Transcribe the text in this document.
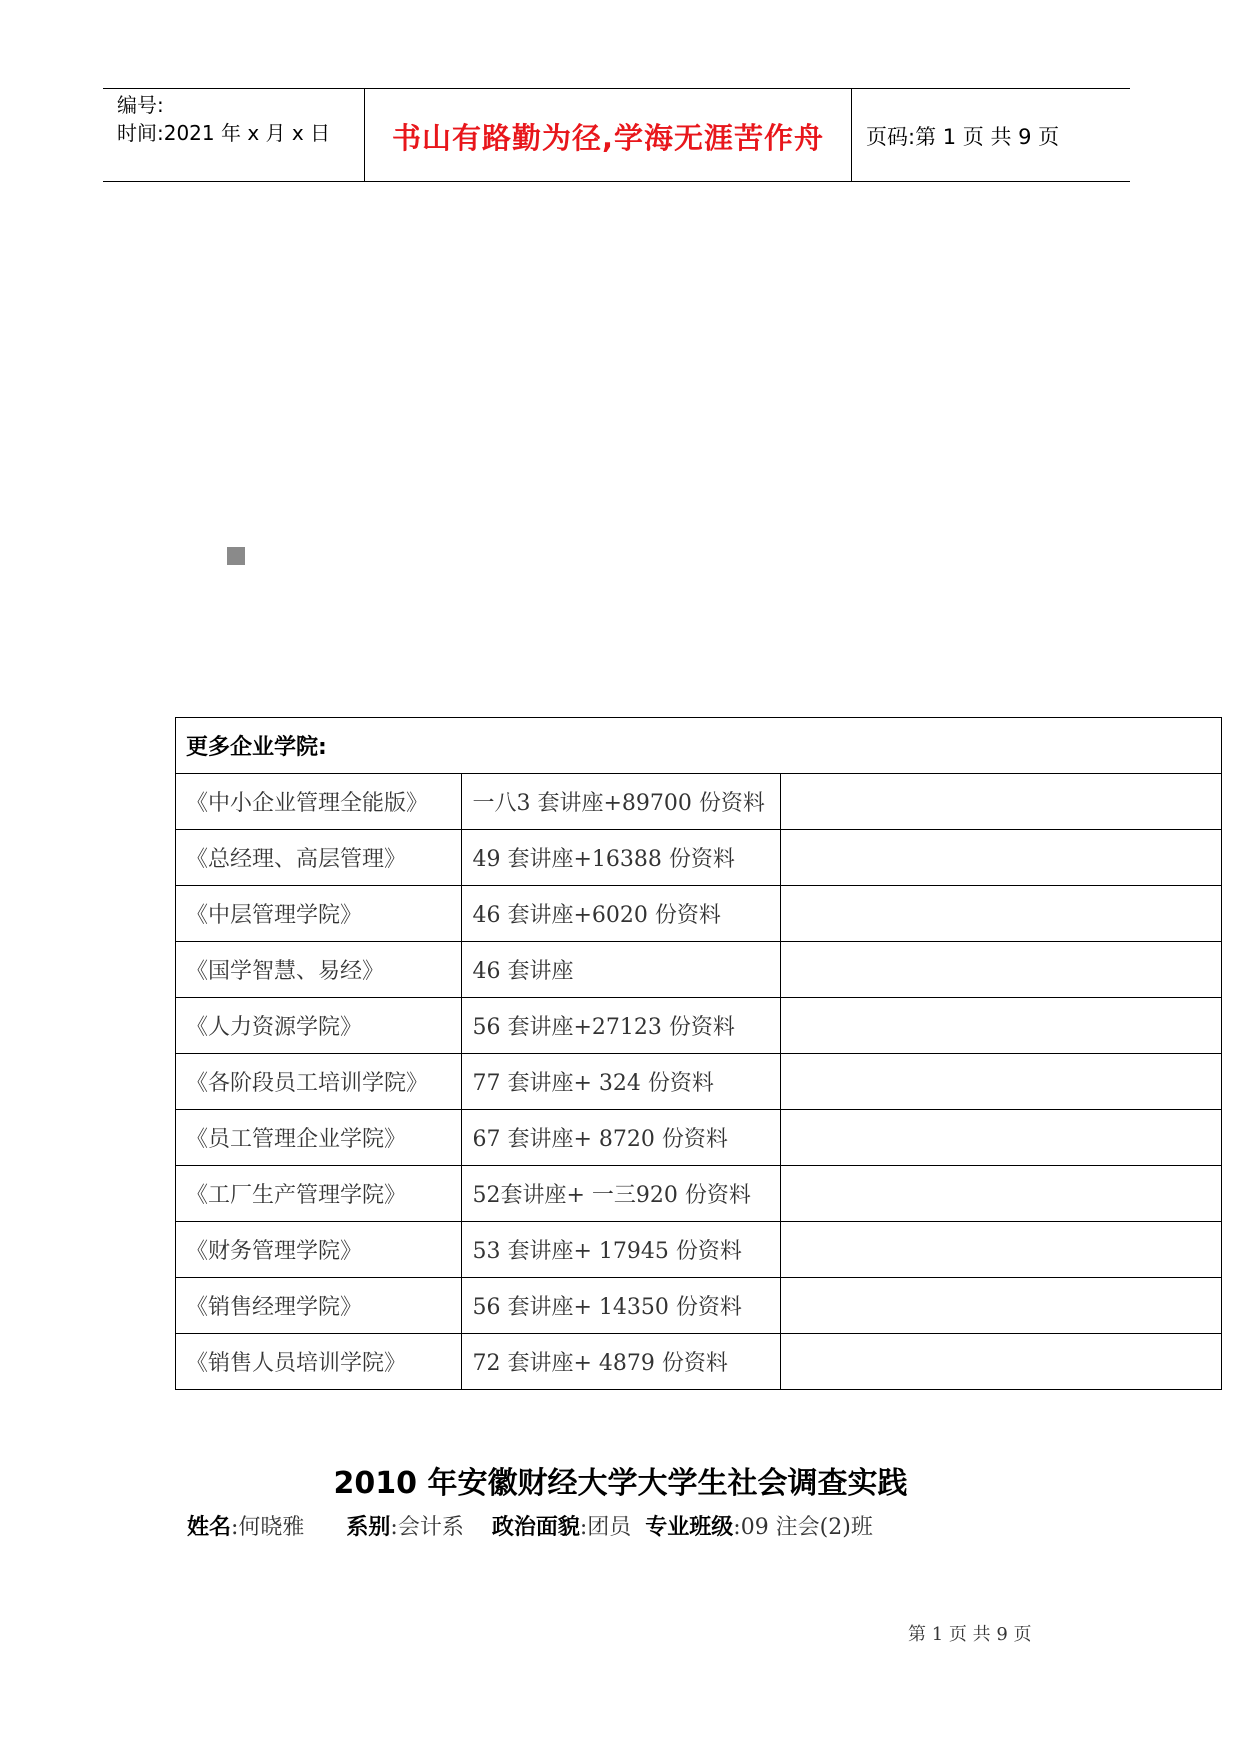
编号:
时间:2021 年 x 月 x 日	书山有路勤为径,学海无涯苦作舟	页码:第 1 页 共 9 页
更多企业学院:		
《中小企业管理全能版》	一八3 套讲座+89700 份资料	
《总经理、高层管理》	49 套讲座+16388 份资料	
《中层管理学院》	46 套讲座+6020 份资料	
《国学智慧、易经》	46 套讲座	
《人力资源学院》	56 套讲座+27123 份资料	
《各阶段员工培训学院》	77 套讲座+ 324 份资料	
《员工管理企业学院》	67 套讲座+ 8720 份资料	
《工厂生产管理学院》	52套讲座+ 一三920 份资料	
《财务管理学院》	53 套讲座+ 17945 份资料	
《销售经理学院》	56 套讲座+ 14350 份资料	
《销售人员培训学院》	72 套讲座+ 4879 份资料	
2010 年安徽财经大学大学生社会调查实践
姓名:何晓雅 系别:会计系 政治面貌:团员 专业班级:09 注会(2)班
第 1 页 共 9 页
